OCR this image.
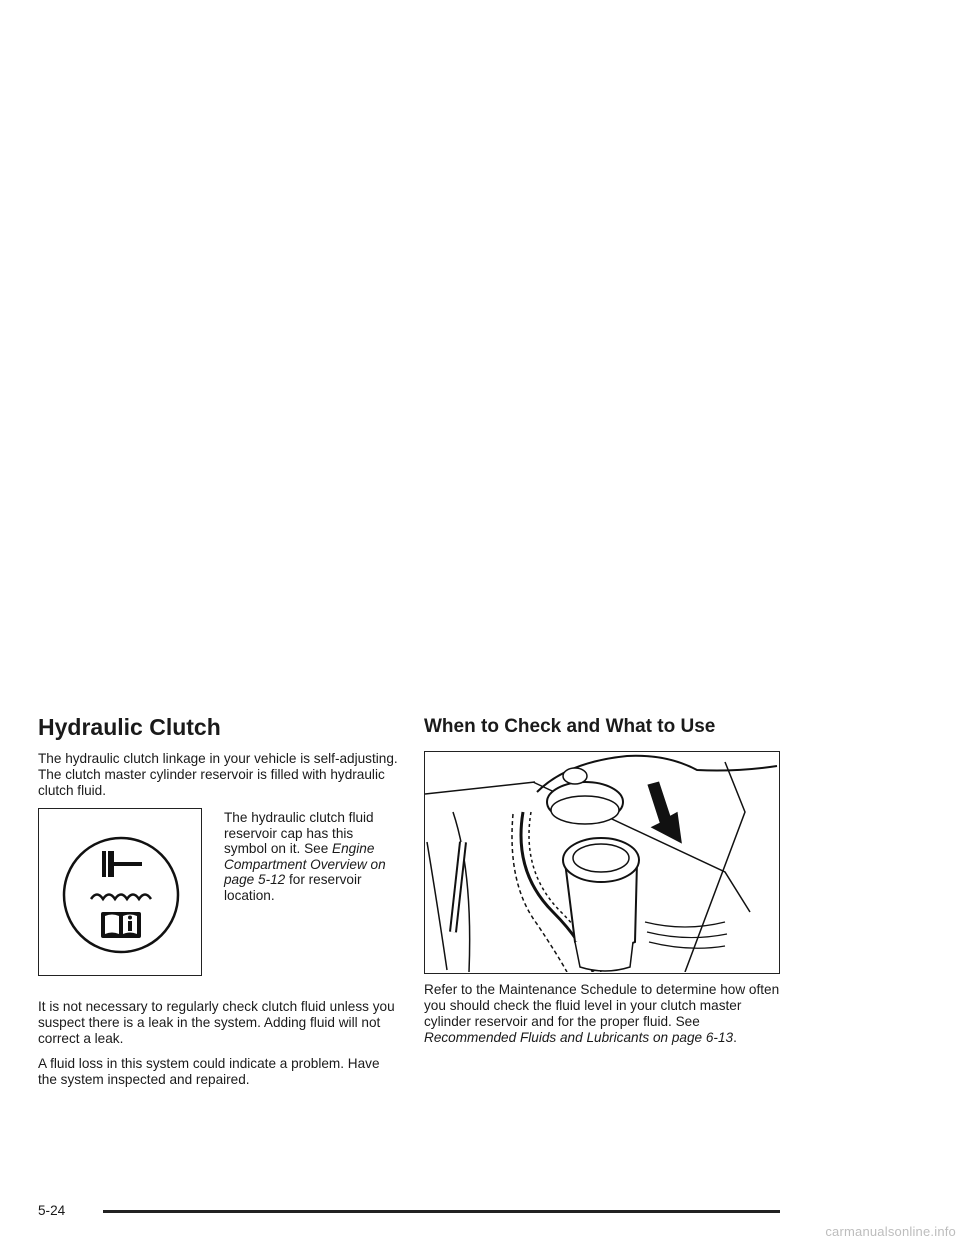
Hydraulic Clutch

The hydraulic clutch linkage in your vehicle is self-adjusting. The clutch master cylinder reservoir is filled with hydraulic clutch fluid.

The hydraulic clutch fluid reservoir cap has this symbol on it. See Engine Compartment Overview on page 5-12 for reservoir location.

It is not necessary to regularly check clutch fluid unless you suspect there is a leak in the system. Adding fluid will not correct a leak.

A fluid loss in this system could indicate a problem. Have the system inspected and repaired.

When to Check and What to Use

Refer to the Maintenance Schedule to determine how often you should check the fluid level in your clutch master cylinder reservoir and for the proper fluid. See Recommended Fluids and Lubricants on page 6-13.

5-24
carmanualsonline.info
